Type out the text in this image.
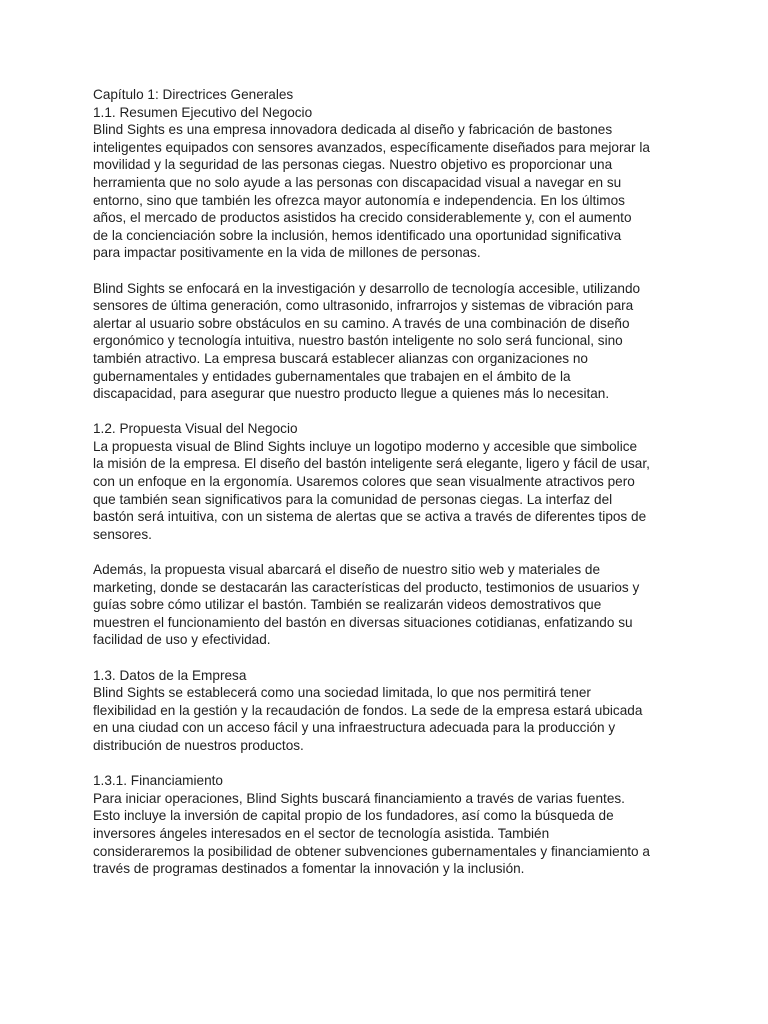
Capítulo 1: Directrices Generales

1.1. Resumen Ejecutivo del Negocio

Blind Sights es una empresa innovadora dedicada al diseño y fabricación de bastones

inteligentes equipados con sensores avanzados, específicamente diseñados para mejorar la

movilidad y la seguridad de las personas ciegas. Nuestro objetivo es proporcionar una

herramienta que no solo ayude a las personas con discapacidad visual a navegar en su

entorno, sino que también les ofrezca mayor autonomía e independencia. En los últimos

años, el mercado de productos asistidos ha crecido considerablemente y, con el aumento

de la concienciación sobre la inclusión, hemos identificado una oportunidad significativa

para impactar positivamente en la vida de millones de personas.

Blind Sights se enfocará en la investigación y desarrollo de tecnología accesible, utilizando

sensores de última generación, como ultrasonido, infrarrojos y sistemas de vibración para

alertar al usuario sobre obstáculos en su camino. A través de una combinación de diseño

ergonómico y tecnología intuitiva, nuestro bastón inteligente no solo será funcional, sino

también atractivo. La empresa buscará establecer alianzas con organizaciones no

gubernamentales y entidades gubernamentales que trabajen en el ámbito de la

discapacidad, para asegurar que nuestro producto llegue a quienes más lo necesitan.

1.2. Propuesta Visual del Negocio

La propuesta visual de Blind Sights incluye un logotipo moderno y accesible que simbolice

la misión de la empresa. El diseño del bastón inteligente será elegante, ligero y fácil de usar,

con un enfoque en la ergonomía. Usaremos colores que sean visualmente atractivos pero

que también sean significativos para la comunidad de personas ciegas. La interfaz del

bastón será intuitiva, con un sistema de alertas que se activa a través de diferentes tipos de

sensores.

Además, la propuesta visual abarcará el diseño de nuestro sitio web y materiales de

marketing, donde se destacarán las características del producto, testimonios de usuarios y

guías sobre cómo utilizar el bastón. También se realizarán videos demostrativos que

muestren el funcionamiento del bastón en diversas situaciones cotidianas, enfatizando su

facilidad de uso y efectividad.

1.3. Datos de la Empresa

Blind Sights se establecerá como una sociedad limitada, lo que nos permitirá tener

flexibilidad en la gestión y la recaudación de fondos. La sede de la empresa estará ubicada

en una ciudad con un acceso fácil y una infraestructura adecuada para la producción y

distribución de nuestros productos.

1.3.1. Financiamiento

Para iniciar operaciones, Blind Sights buscará financiamiento a través de varias fuentes.

Esto incluye la inversión de capital propio de los fundadores, así como la búsqueda de

inversores ángeles interesados en el sector de tecnología asistida. También

consideraremos la posibilidad de obtener subvenciones gubernamentales y financiamiento a

través de programas destinados a fomentar la innovación y la inclusión.
